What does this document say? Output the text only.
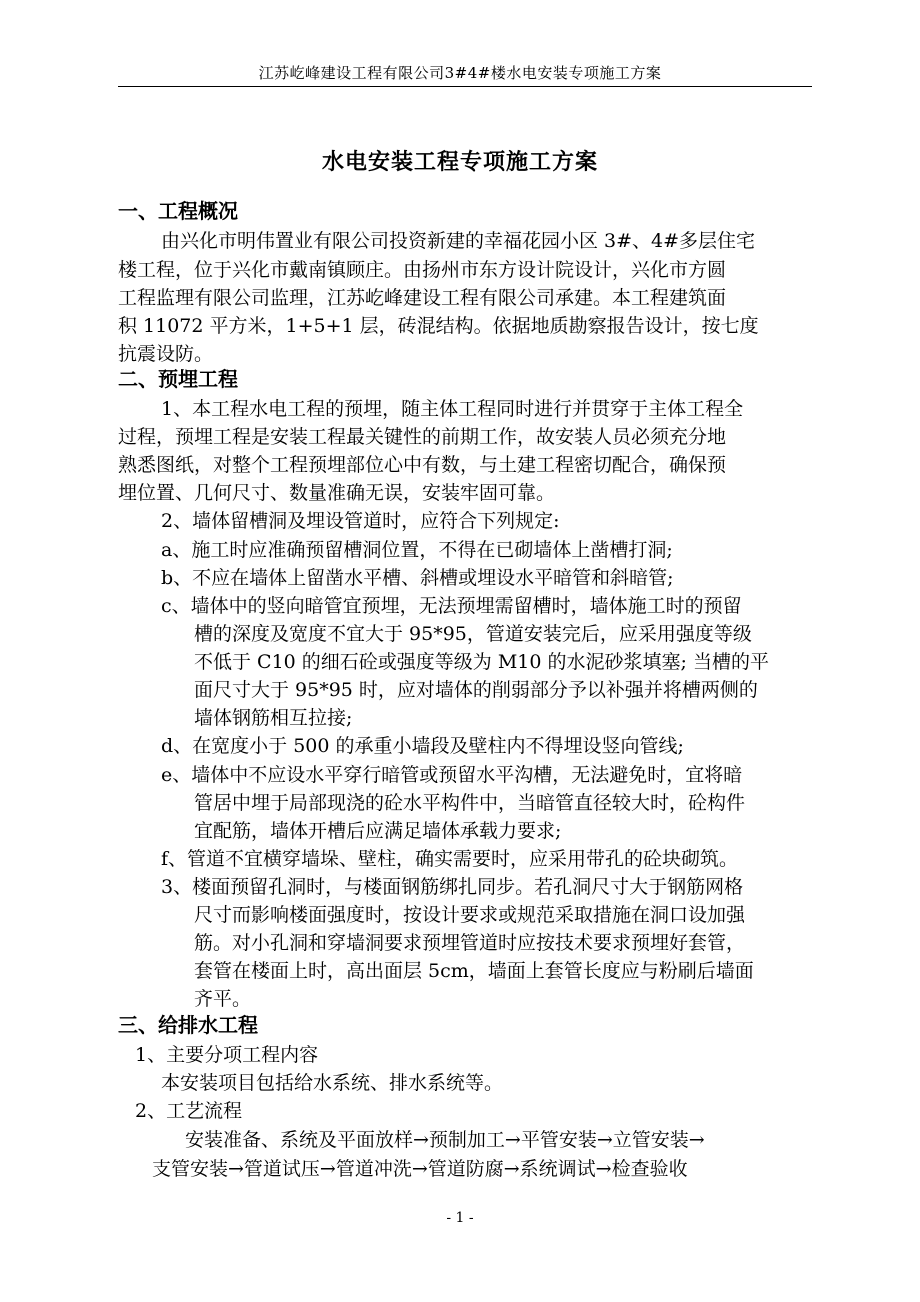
江苏屹峰建设工程有限公司3#4#楼水电安装专项施工方案
水电安装工程专项施工方案
一、工程概况
由兴化市明伟置业有限公司投资新建的幸福花园小区 3#、4#多层住宅
楼工程，位于兴化市戴南镇顾庄。由扬州市东方设计院设计，兴化市方圆
工程监理有限公司监理，江苏屹峰建设工程有限公司承建。本工程建筑面
积 11072 平方米，1+5+1 层，砖混结构。依据地质勘察报告设计，按七度
抗震设防。
二、预埋工程
1、本工程水电工程的预埋，随主体工程同时进行并贯穿于主体工程全
过程，预埋工程是安装工程最关键性的前期工作，故安装人员必须充分地
熟悉图纸，对整个工程预埋部位心中有数，与土建工程密切配合，确保预
埋位置、几何尺寸、数量准确无误，安装牢固可靠。
2、墙体留槽洞及埋设管道时，应符合下列规定:
a、施工时应准确预留槽洞位置，不得在已砌墙体上凿槽打洞;
b、不应在墙体上留凿水平槽、斜槽或埋设水平暗管和斜暗管;
c、墙体中的竖向暗管宜预埋，无法预埋需留槽时，墙体施工时的预留
槽的深度及宽度不宜大于 95*95，管道安装完后，应采用强度等级
不低于 C10 的细石砼或强度等级为 M10 的水泥砂浆填塞; 当槽的平
面尺寸大于 95*95 时，应对墙体的削弱部分予以补强并将槽两侧的
墙体钢筋相互拉接;
d、在宽度小于 500 的承重小墙段及壁柱内不得埋设竖向管线;
e、墙体中不应设水平穿行暗管或预留水平沟槽，无法避免时，宜将暗
管居中埋于局部现浇的砼水平构件中，当暗管直径较大时，砼构件
宜配筋，墙体开槽后应满足墙体承载力要求;
f、管道不宜横穿墙垛、壁柱，确实需要时，应采用带孔的砼块砌筑。
3、楼面预留孔洞时，与楼面钢筋绑扎同步。若孔洞尺寸大于钢筋网格
尺寸而影响楼面强度时，按设计要求或规范采取措施在洞口设加强
筋。对小孔洞和穿墙洞要求预埋管道时应按技术要求预埋好套管，
套管在楼面上时，高出面层 5cm，墙面上套管长度应与粉刷后墙面
齐平。
三、给排水工程
1、主要分项工程内容
本安装项目包括给水系统、排水系统等。
2、工艺流程
安装准备、系统及平面放样→预制加工→平管安装→立管安装→
支管安装→管道试压→管道冲洗→管道防腐→系统调试→检查验收
- 1 -
